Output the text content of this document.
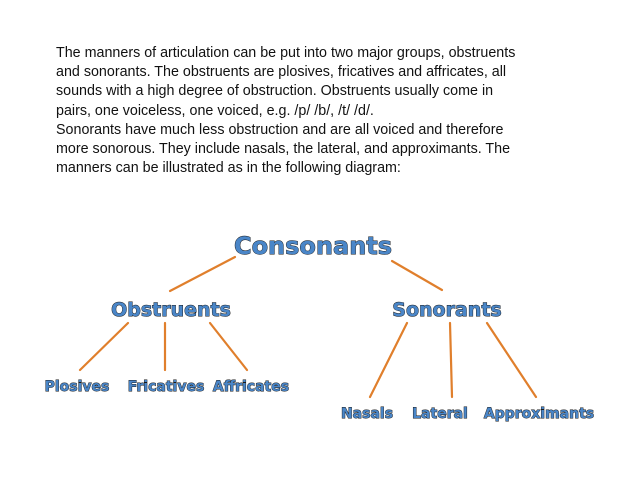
The manners of articulation can be put into two major groups, obstruents
and sonorants. The obstruents are plosives, fricatives and affricates, all
sounds with a high degree of obstruction. Obstruents usually come in
pairs, one voiceless, one voiced, e.g. /p/ /b/, /t/ /d/.
Sonorants have much less obstruction and are all voiced and therefore
more sonorous. They include nasals, the lateral, and approximants. The
manners can be illustrated as in the following diagram:
Consonants
Obstruents	Sonorants
Plosives Fricatives Affricates
Nasals Lateral Approximants
